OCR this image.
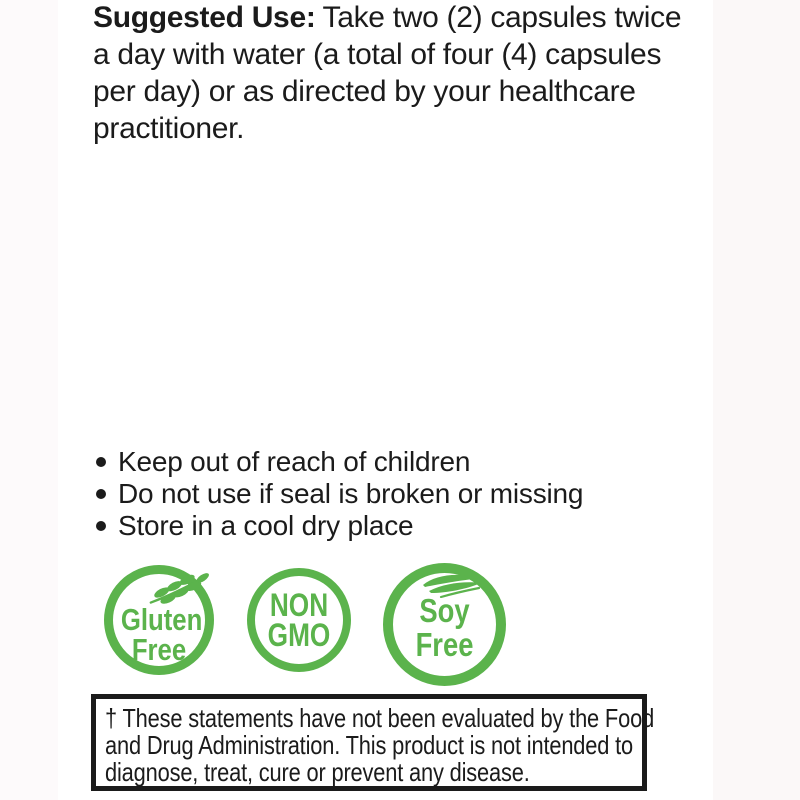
Suggested Use: Take two (2) capsules twice
a day with water (a total of four (4) capsules
per day) or as directed by your healthcare
practitioner.
Keep out of reach of children
Do not use if seal is broken or missing
Store in a cool dry place
Gluten
Free
NON
GMO
Soy
Free
† These statements have not been evaluated by the Food
and Drug Administration. This product is not intended to
diagnose, treat, cure or prevent any disease.
